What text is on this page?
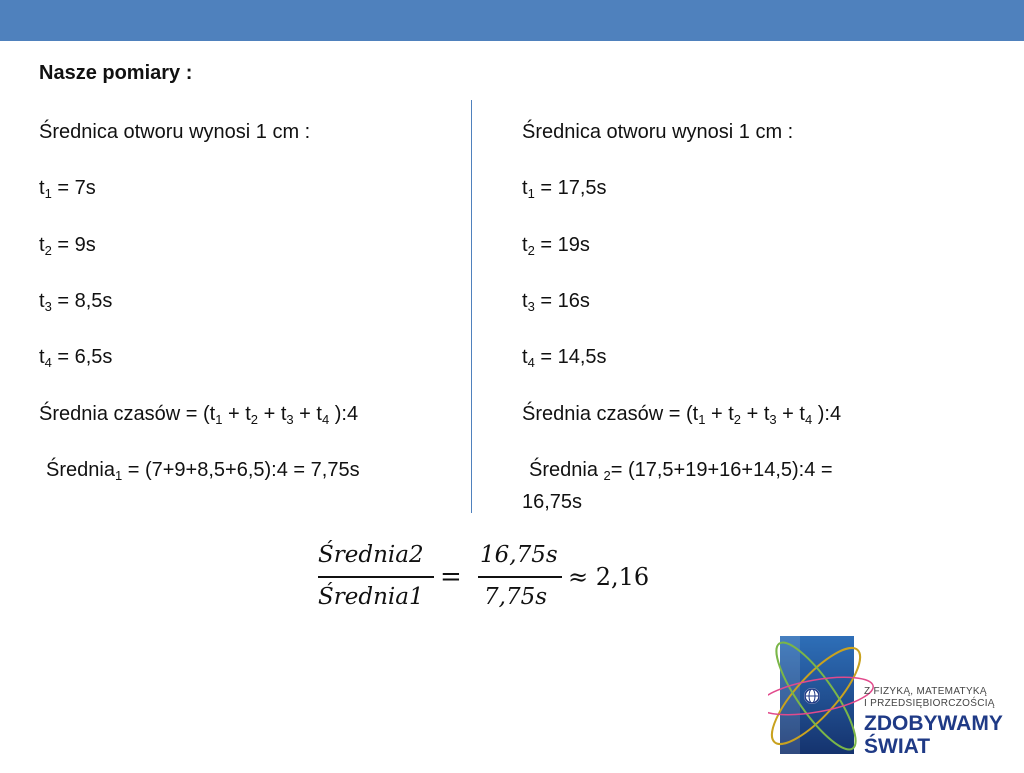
Nasze pomiary :
Średnica otworu wynosi 1 cm :
$t_1 = 7s$
$t_2 = 9s$
$t_3 = 8,5s$
$t_4 = 6,5s$
Średnia czasów = ($t_1 + t_2 + t_3 + t_4$ ):4
Średnia$_1$ = (7+9+8,5+6,5):4 = 7,75s
Średnica otworu wynosi 1 cm :
$t_1 = 17,5s$
$t_2 = 19s$
$t_3 = 16s$
$t_4 = 14,5s$
Średnia czasów = ($t_1 + t_2 + t_3 + t_4$ ):4
Średnia $_2$= (17,5+19+16+14,5):4 =
16,75s
Średnia2
Średnia1
=
16,75s
7,75s
≈ 2,16
Z FIZYKĄ, MATEMATYKĄ
I PRZEDSIĘBIORCZOŚCIĄ
ZDOBYWAMY
ŚWIAT
